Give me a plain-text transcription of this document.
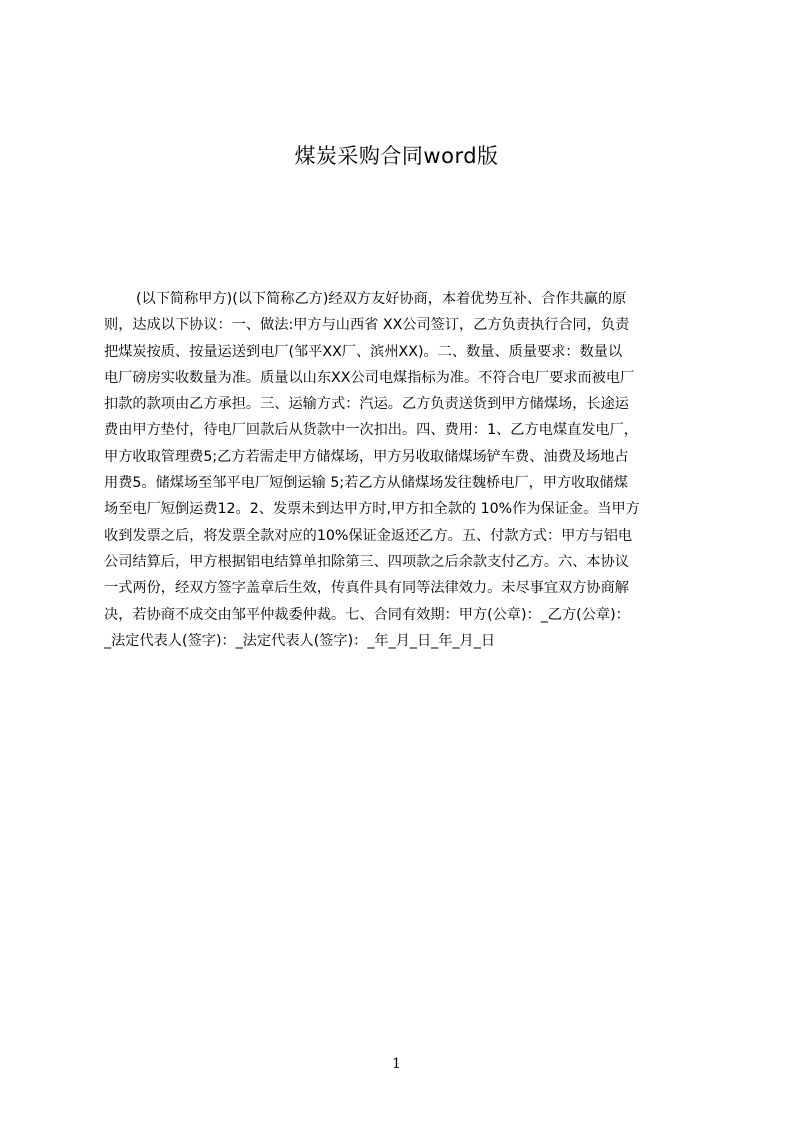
煤炭采购合同word版
(以下简称甲方)(以下简称乙方)经双方友好协商，本着优势互补、合作共赢的原
则，达成以下协议：一、做法:甲方与山西省 XX公司签订，乙方负责执行合同，负责
把煤炭按质、按量运送到电厂(邹平XX厂、滨州XX)。二、数量、质量要求：数量以
电厂磅房实收数量为准。质量以山东XX公司电煤指标为准。不符合电厂要求而被电厂
扣款的款项由乙方承担。三、运输方式：汽运。乙方负责送货到甲方储煤场，长途运
费由甲方垫付，待电厂回款后从货款中一次扣出。四、费用：1、乙方电煤直发电厂，
甲方收取管理费5;乙方若需走甲方储煤场，甲方另收取储煤场铲车费、油费及场地占
用费5。储煤场至邹平电厂短倒运输 5;若乙方从储煤场发往魏桥电厂，甲方收取储煤
场至电厂短倒运费12。2、发票未到达甲方时,甲方扣全款的 10%作为保证金。当甲方
收到发票之后，将发票全款对应的10%保证金返还乙方。五、付款方式：甲方与铝电
公司结算后，甲方根据铝电结算单扣除第三、四项款之后余款支付乙方。六、本协议
一式两份，经双方签字盖章后生效，传真件具有同等法律效力。未尽事宜双方协商解
决，若协商不成交由邹平仲裁委仲裁。七、合同有效期：甲方(公章)：_乙方(公章)：
_法定代表人(签字)：_法定代表人(签字)：_年_月_日_年_月_日
1
